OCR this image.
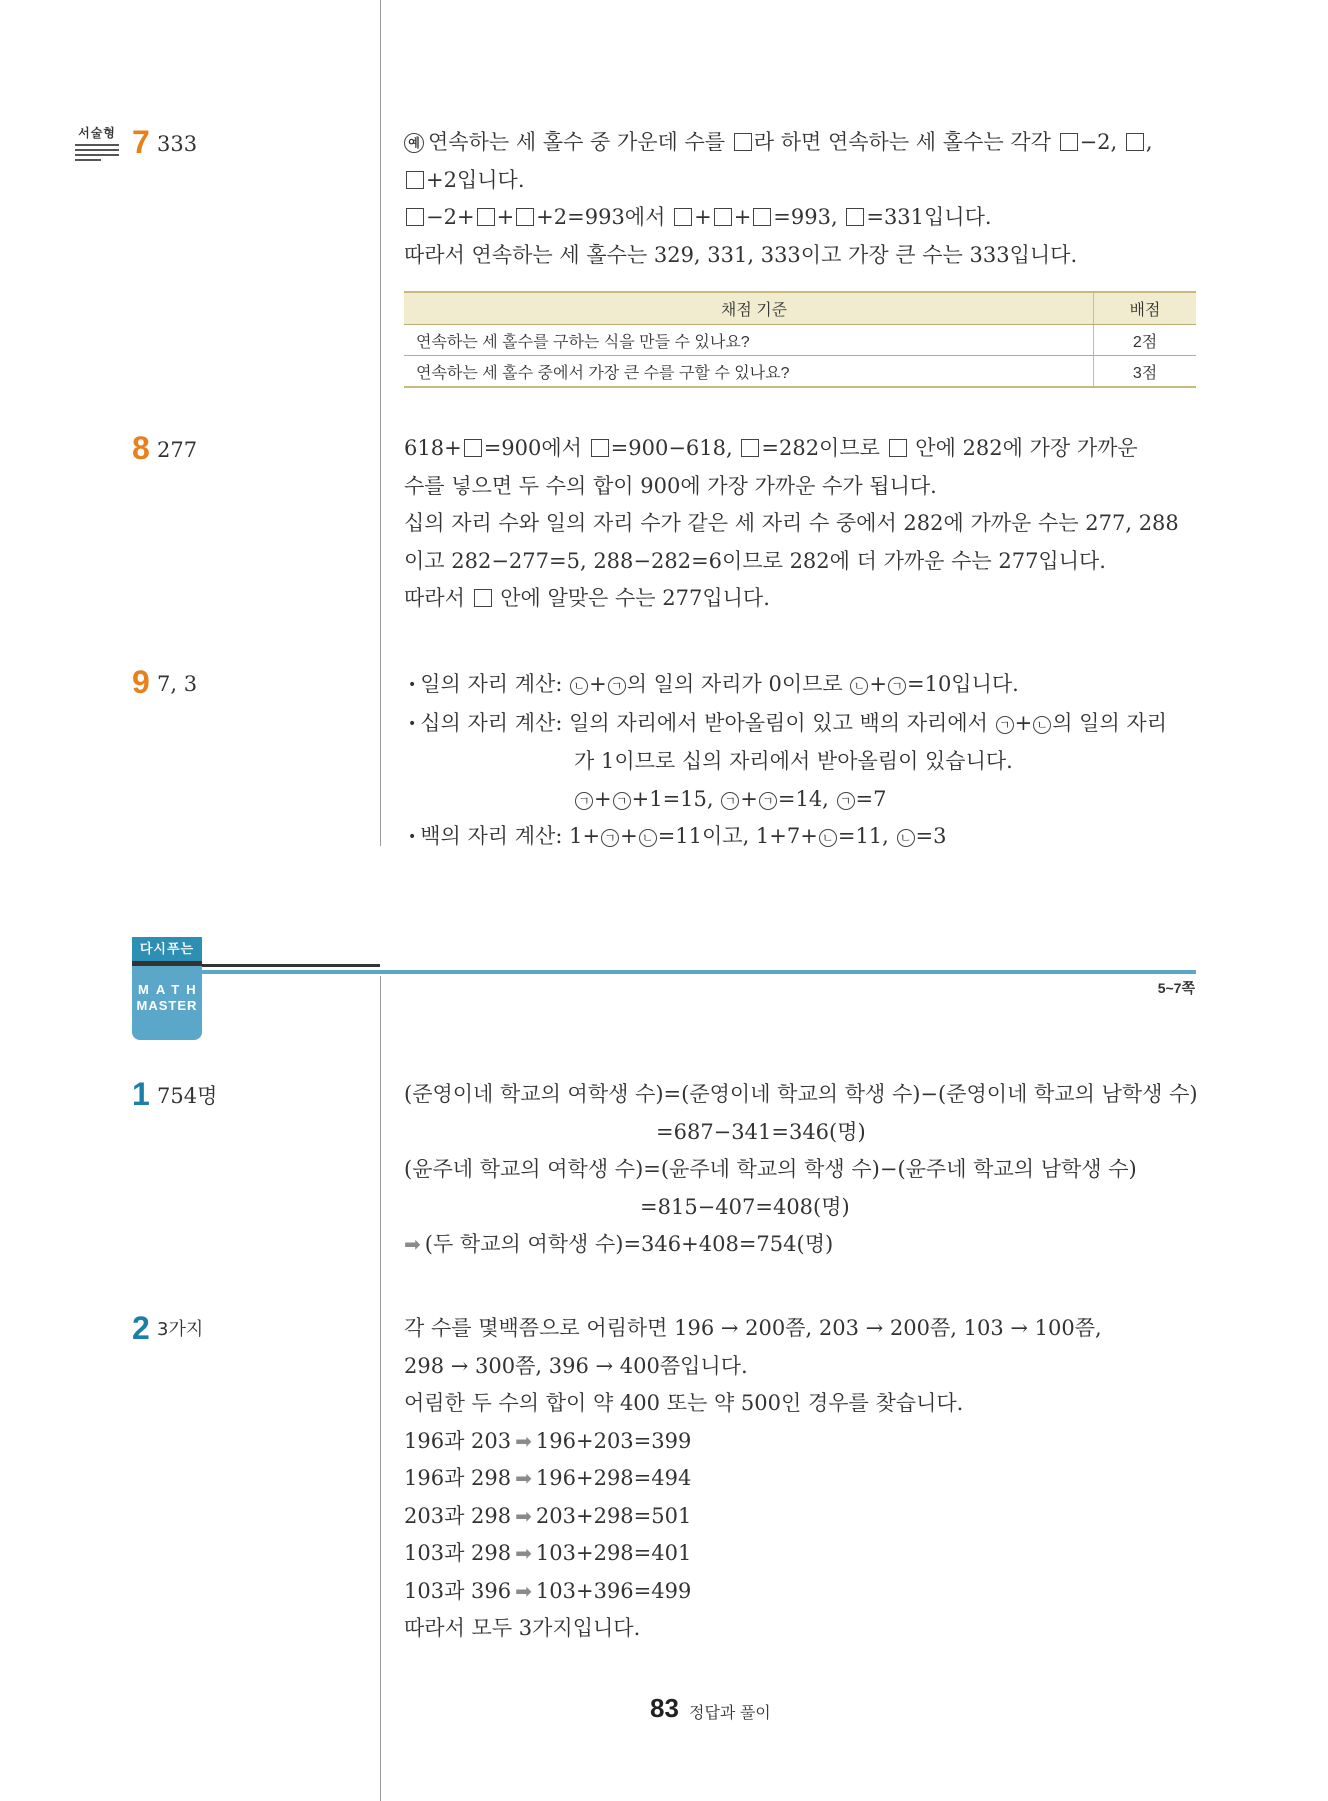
서술형 7 333	예 연속하는 세 홀수 중 가운데 수를 라 하면 연속하는 세 홀수는 각각 −2, ,

+2입니다.

−2+ + +2=993에서 + + =993, =331입니다.

따라서 연속하는 세 홀수는 329, 331, 333이고 가장 큰 수는 333입니다.

채점 기준	배점
연속하는 세 홀수를 구하는 식을 만들 수 있나요?	2점
연속하는 세 홀수 중에서 가장 큰 수를 구할 수 있나요?	3점
8 277	618+ =900에서 =900−618, =282이므로 안에 282에 가장 가까운

수를 넣으면 두 수의 합이 900에 가장 가까운 수가 됩니다.

십의 자리 수와 일의 자리 수가 같은 세 자리 수 중에서 282에 가까운 수는 277, 288

이고 282−277=5, 288−282=6이므로 282에 더 가까운 수는 277입니다.

따라서 안에 알맞은 수는 277입니다.

9 7, 3	• 일의 자리 계산: ㄴ + ㄱ 의 일의 자리가 0이므로 ㄴ + ㄱ =10입니다.

• 십의 자리 계산: 일의 자리에서 받아올림이 있고 백의 자리에서 ㄱ + ㄴ 의 일의 자리

가 1이므로 십의 자리에서 받아올림이 있습니다.

ㄱ + ㄱ +1=15, ㄱ + ㄱ =14, ㄱ =7

• 백의 자리 계산: 1+ ㄱ + ㄴ =11이고, 1+7+ ㄴ =11, ㄴ =3

다시푸는
MATH
MASTER
5~7쪽
1 754명	(준영이네 학교의 여학생 수)=(준영이네 학교의 학생 수)−(준영이네 학교의 남학생 수)

=687−341=346(명)

(윤주네 학교의 여학생 수)=(윤주네 학교의 학생 수)−(윤주네 학교의 남학생 수)

=815−407=408(명)

➡ (두 학교의 여학생 수)=346+408=754(명)

2 3가지	각 수를 몇백쯤으로 어림하면 196 → 200쯤, 203 → 200쯤, 103 → 100쯤,

298 → 300쯤, 396 → 400쯤입니다.

어림한 두 수의 합이 약 400 또는 약 500인 경우를 찾습니다.

196과 203 ➡ 196+203=399

196과 298 ➡ 196+298=494

203과 298 ➡ 203+298=501

103과 298 ➡ 103+298=401

103과 396 ➡ 103+396=499

따라서 모두 3가지입니다.

83 정답과 풀이
